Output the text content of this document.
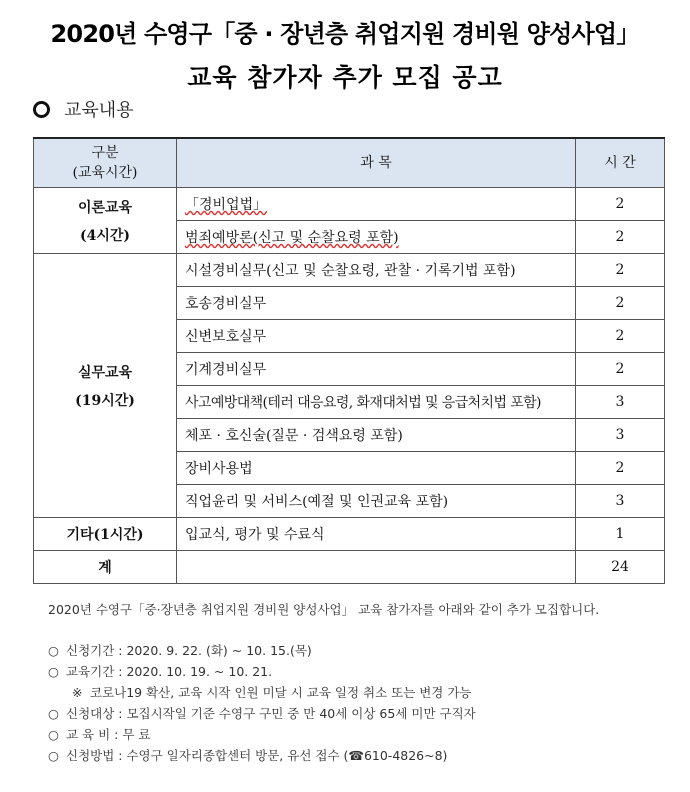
2020년 수영구「중 · 장년층 취업지원 경비원 양성사업」
교육 참가자 추가 모집 공고
교육내용
구분
(교육시간)	과 목	시 간

이론교육
(4시간)	「경비업법」	2
	범죄예방론(신고 및 순찰요령 포함)	2

실무교육
(19시간)	시설경비실무(신고 및 순찰요령, 관찰 · 기록기법 포함)	2
	호송경비실무	2
	신변보호실무	2
	기계경비실무	2
	사고예방대책(테러 대응요령, 화재대처법 및 응급처치법 포함)	3
	체포 · 호신술(질문 · 검색요령 포함)	3
	장비사용법	2
	직업윤리 및 서비스(예절 및 인권교육 포함)	3
기타(1시간)	입교식, 평가 및 수료식	1
계		24
2020년 수영구「중·장년층 취업지원 경비원 양성사업」 교육 참가자를 아래와 같이 추가 모집합니다.
○ 신청기간 : 2020. 9. 22. (화) ~ 10. 15.(목)
○ 교육기간 : 2020. 10. 19. ~ 10. 21.
※ 코로나19 확산, 교육 시작 인원 미달 시 교육 일정 취소 또는 변경 가능
○ 신청대상 : 모집시작일 기준 수영구 구민 중 만 40세 이상 65세 미만 구직자
○ 교 육 비 : 무 료
○ 신청방법 : 수영구 일자리종합센터 방문, 유선 접수 (☎610-4826~8)
